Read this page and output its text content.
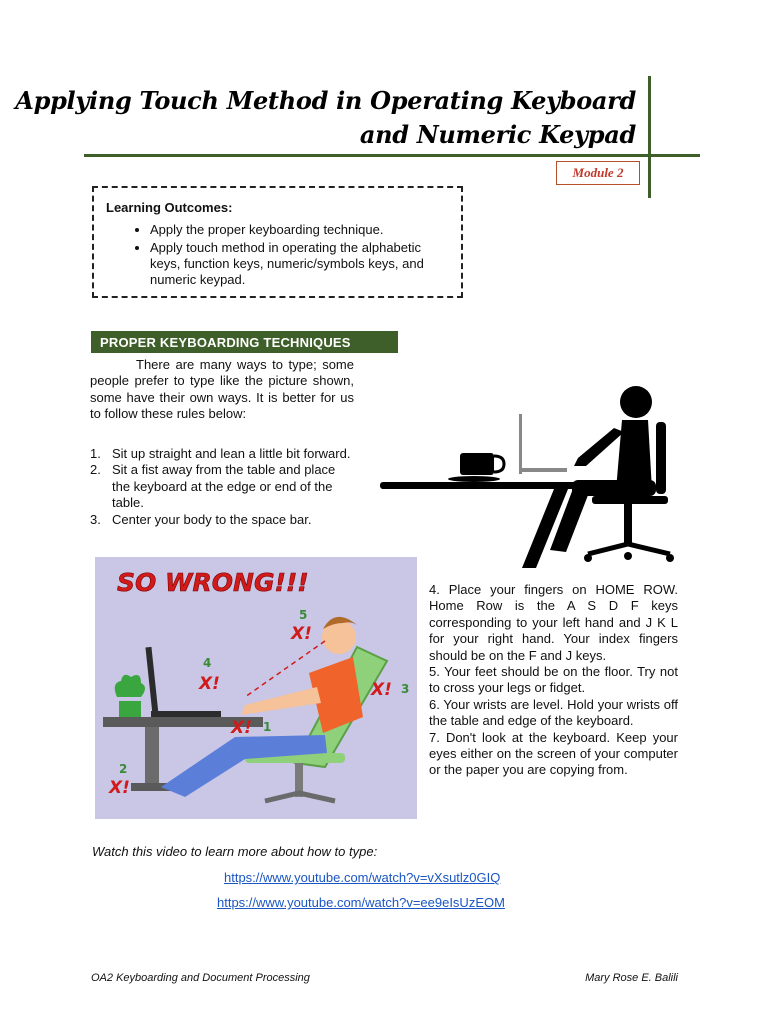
Applying Touch Method in Operating Keyboard
and Numeric Keypad
Module 2
Learning Outcomes:
• Apply the proper keyboarding technique.
• Apply touch method in operating the alphabetic keys, function keys, numeric/symbols keys, and numeric keypad.
PROPER KEYBOARDING TECHNIQUES

There are many ways to type; some people prefer to type like the picture shown, some have their own ways. It is better for us to follow these rules below:

1. Sit up straight and lean a little bit forward.
2. Sit a fist away from the table and place the keyboard at the edge or end of the table.
3. Center your body to the space bar.
SO WRONG!!!
X!
X!	X!
X!
X!
1
2
3
4
5

4. Place your fingers on HOME ROW. Home Row is the A S D F keys corresponding to your left hand and J K L for your right hand. Your index fingers should be on the F and J keys.

5. Your feet should be on the floor. Try not to cross your legs or fidget.

6. Your wrists are level. Hold your wrists off the table and edge of the keyboard.

7. Don't look at the keyboard. Keep your eyes either on the screen of your computer or the paper you are copying from.

Watch this video to learn more about how to type:
https://www.youtube.com/watch?v=vXsutlz0GIQ
https://www.youtube.com/watch?v=ee9eIsUzEOM
OA2 Keyboarding and Document Processing	Mary Rose E. Balili
